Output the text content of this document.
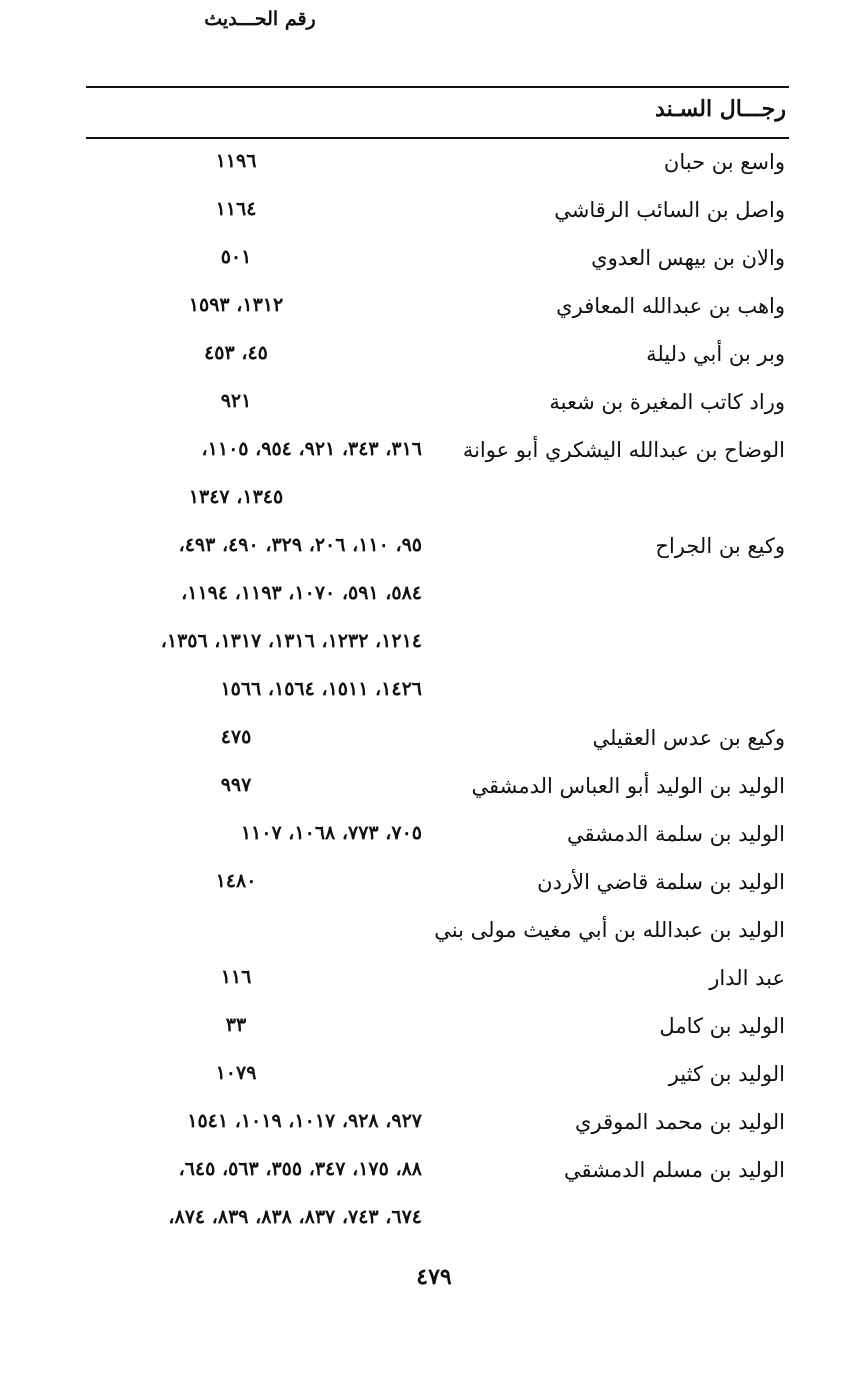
رجـــال السـند
رقم الحـــديث
واسع بن حبان
١١٩٦
واصل بن السائب الرقاشي
١١٦٤
والان بن بيهس العدوي
٥٠١
واهب بن عبدالله المعافري
١٣١٢، ١٥٩٣
وبر بن أبي دليلة
٤٥، ٤٥٣
وراد كاتب المغيرة بن شعبة
٩٢١
الوضاح بن عبدالله اليشكري أبو عوانة
٣١٦، ٣٤٣، ٩٢١، ٩٥٤، ١١٠٥،
١٣٤٥، ١٣٤٧
وكيع بن الجراح
٩٥، ١١٠، ٢٠٦، ٣٢٩، ٤٩٠، ٤٩٣،
٥٨٤، ٥٩١، ١٠٧٠، ١١٩٣، ١١٩٤،
١٢١٤، ١٢٣٢، ١٣١٦، ١٣١٧، ١٣٥٦،
١٤٢٦، ١٥١١، ١٥٦٤، ١٥٦٦
وكيع بن عدس العقيلي
٤٧٥
الوليد بن الوليد أبو العباس الدمشقي
٩٩٧
الوليد بن سلمة الدمشقي
٧٠٥، ٧٧٣، ١٠٦٨، ١١٠٧
الوليد بن سلمة قاضي الأردن
١٤٨٠
الوليد بن عبدالله بن أبي مغيث مولى بني
عبد الدار
١١٦
الوليد بن كامل
٣٣
الوليد بن كثير
١٠٧٩
الوليد بن محمد الموقري
٩٢٧، ٩٢٨، ١٠١٧، ١٠١٩، ١٥٤١
الوليد بن مسلم الدمشقي
٨٨، ١٧٥، ٣٤٧، ٣٥٥، ٥٦٣، ٦٤٥،
٦٧٤، ٧٤٣، ٨٣٧، ٨٣٨، ٨٣٩، ٨٧٤،
٤٧٩
